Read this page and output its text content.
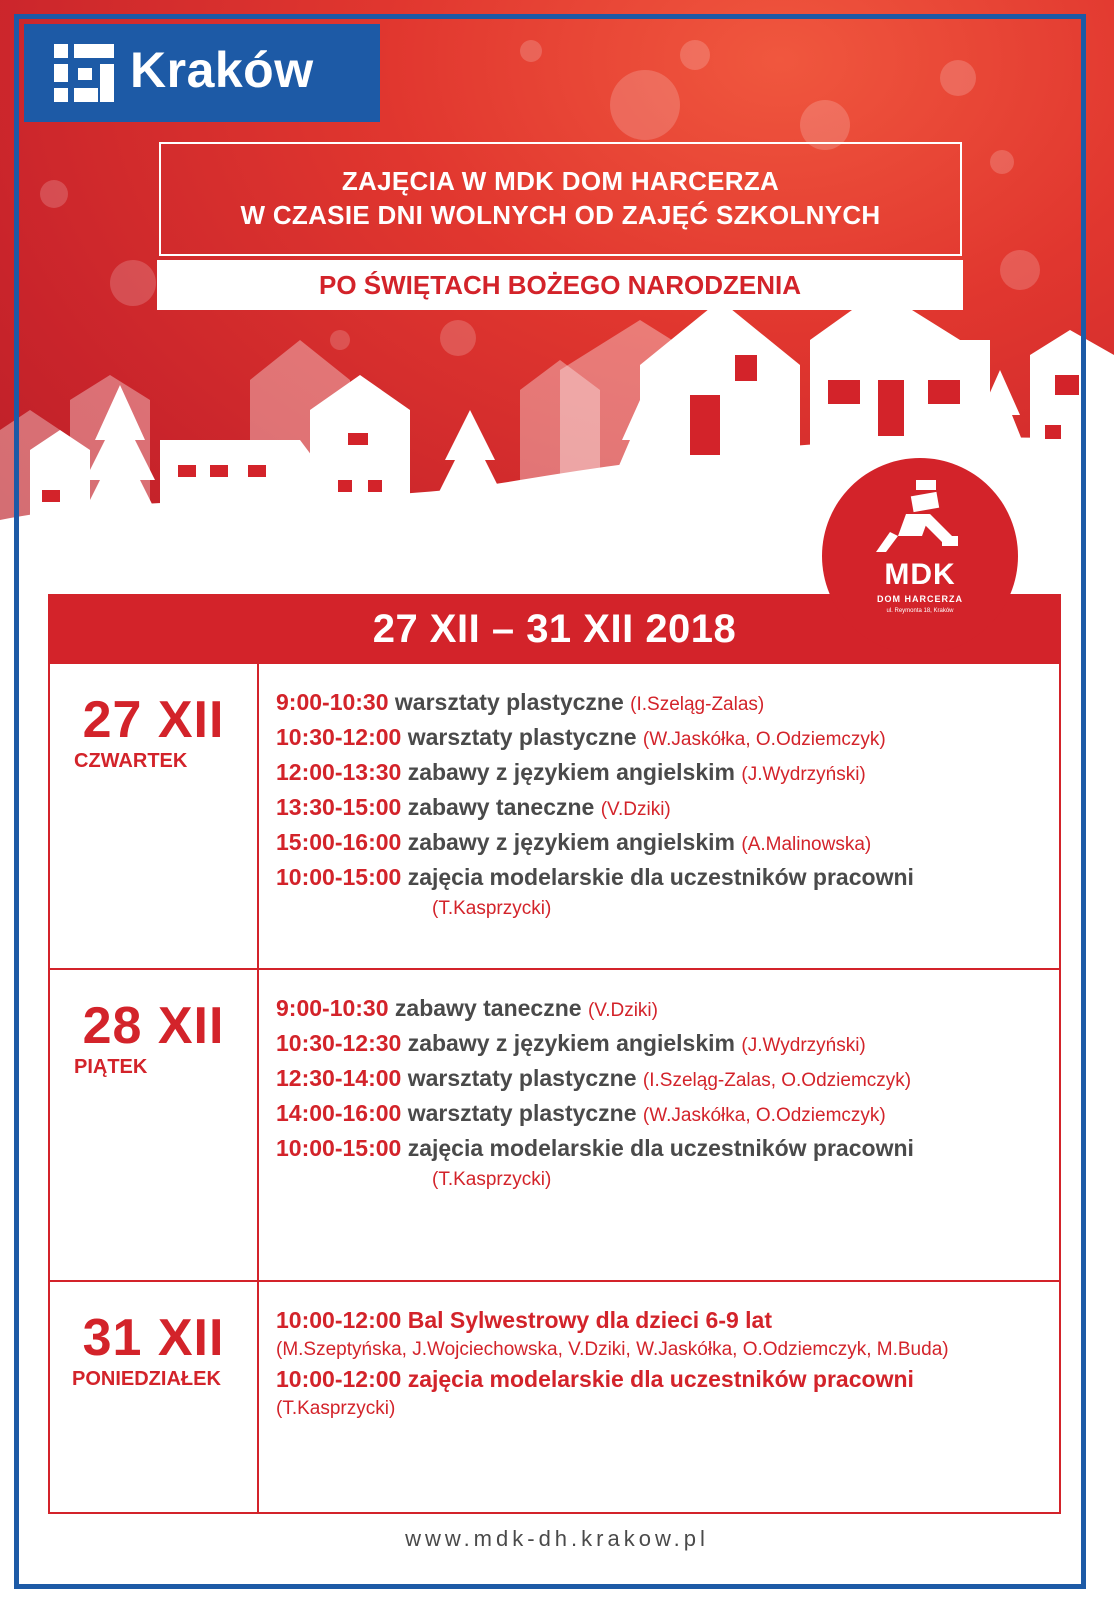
Kraków
ZAJĘCIA W MDK DOM HARCERZA
W CZASIE DNI WOLNYCH OD ZAJĘĆ SZKOLNYCH
PO ŚWIĘTACH BOŻEGO NARODZENIA
MDK
DOM HARCERZA
ul. Reymonta 18, Kraków
27 XII – 31 XII 2018
27 XII
CZWARTEK
9:00-10:30 warsztaty plastyczne (I.Szeląg-Zalas)
10:30-12:00 warsztaty plastyczne (W.Jaskółka, O.Odziemczyk)
12:00-13:30 zabawy z językiem angielskim (J.Wydrzyński)
13:30-15:00 zabawy taneczne (V.Dziki)
15:00-16:00 zabawy z językiem angielskim (A.Malinowska)
10:00-15:00 zajęcia modelarskie dla uczestników pracowni
(T.Kasprzycki)
28 XII
PIĄTEK
9:00-10:30 zabawy taneczne (V.Dziki)
10:30-12:30 zabawy z językiem angielskim (J.Wydrzyński)
12:30-14:00 warsztaty plastyczne (I.Szeląg-Zalas, O.Odziemczyk)
14:00-16:00 warsztaty plastyczne (W.Jaskółka, O.Odziemczyk)
10:00-15:00 zajęcia modelarskie dla uczestników pracowni
(T.Kasprzycki)
31 XII
PONIEDZIAŁEK
10:00-12:00 Bal Sylwestrowy dla dzieci 6-9 lat
(M.Szeptyńska, J.Wojciechowska, V.Dziki, W.Jaskółka, O.Odziemczyk, M.Buda)
10:00-12:00 zajęcia modelarskie dla uczestników pracowni
(T.Kasprzycki)
www.mdk-dh.krakow.pl
